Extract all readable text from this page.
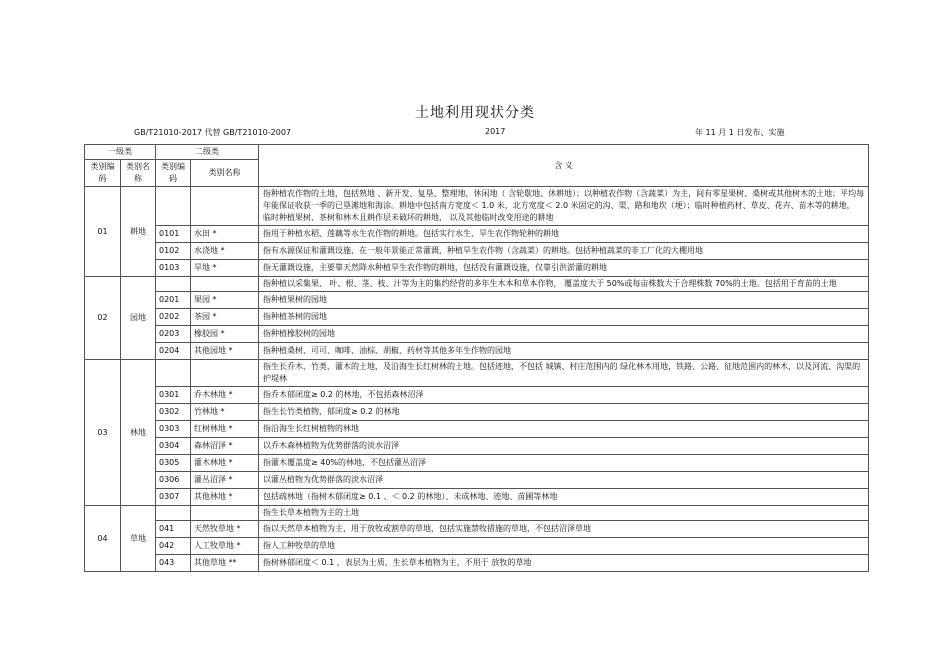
土地利用现状分类
GB/T21010-2017 代替 GB/T21010-2007	2017	年 11 月 1 日发布、实施
一级类		二级类		含 义
类别编码	类别名称	类别编码	类别名称	
01	耕地			指种植农作物的土地，包括熟地 、新开发、复垦、整理地，休闲地（ 含轮歇地、休耕地）；以种植农作物（含蔬菜）为主，间有零星果树、桑树或其他树木的土地；平均每年能保证收获一季的已垦滩地和海涂。耕地中包括南方宽度＜ 1.0 米，北方宽度＜ 2.0 米固定的沟、渠、路和地坎（埂）；临时种植药材、草皮、花卉、苗木等的耕地， 临时种植果树、茶树和林木且耕作层未破坏的耕地， 以及其他临时改变用途的耕地
		0101	水田 *	指用于种植水稻、莲藕等水生农作物的耕地。包括实行水生、旱生农作物轮种的耕地
		0102	水浇地 *	指有水源保证和灌溉设施，在一般年景能正常灌溉，种植旱生农作物（含蔬菜）的耕地。包括种植蔬菜的非工厂化的大棚用地
		0103	旱地 *	指无灌溉设施，主要靠天然降水种植旱生农作物的耕地，包括没有灌溉设施，仅靠引洪淤灌的耕地
02	园地			指种植以采集果、 叶、根、茎、枝、汁等为主的集约经营的多年生木本和草本作物， 覆盖度大于 50%或每亩株数大于合理株数 70%的土地。包括用于育苗的土地
		0201	果园 *	指种植果树的园地
		0202	茶园 *	指种植茶树的园地
		0203	橡胶园 *	指种植橡胶树的园地
		0204	其他园地 *	指种植桑树、可可、咖啡、油棕、胡椒、药材等其他多年生作物的园地
03	林地			指生长乔木、竹类、灌木的土地，及沿海生长红树林的土地。包括迹地，不包括 城镇、村庄范围内的 绿化林木用地，铁路、公路、征地范围内的林木，以及河流、沟渠的护堤林
		0301	乔木林地 *	指乔木郁闭度≥ 0.2 的林地，不包括森林沼泽
		0302	竹林地 *	指生长竹类植物，郁闭度≥ 0.2 的林地
		0303	红树林地 *	指沿海生长红树植物的林地
		0304	森林沼泽 *	以乔木森林植物为优势群落的淡水沼泽
		0305	灌木林地 *	指灌木覆盖度≥ 40%的林地，不包括灌丛沼泽
		0306	灌丛沼泽 *	以灌丛植物为优势群落的淡水沼泽
		0307	其他林地 *	包括疏林地（指树木郁闭度≥ 0.1 、＜ 0.2 的林地）、未成林地、迹地、苗圃等林地
04	草地			指生长草本植物为主的土地
		041	天然牧草地 *	指以天然草本植物为主，用于放牧或割草的草地，包括实施禁牧措施的草地，不包括沼泽草地
		042	人工牧草地 *	指人工种牧草的草地
		043	其他草地 **	指树林郁闭度＜ 0.1 ，表层为土质，生长草本植物为主，不用于 放牧的草地
